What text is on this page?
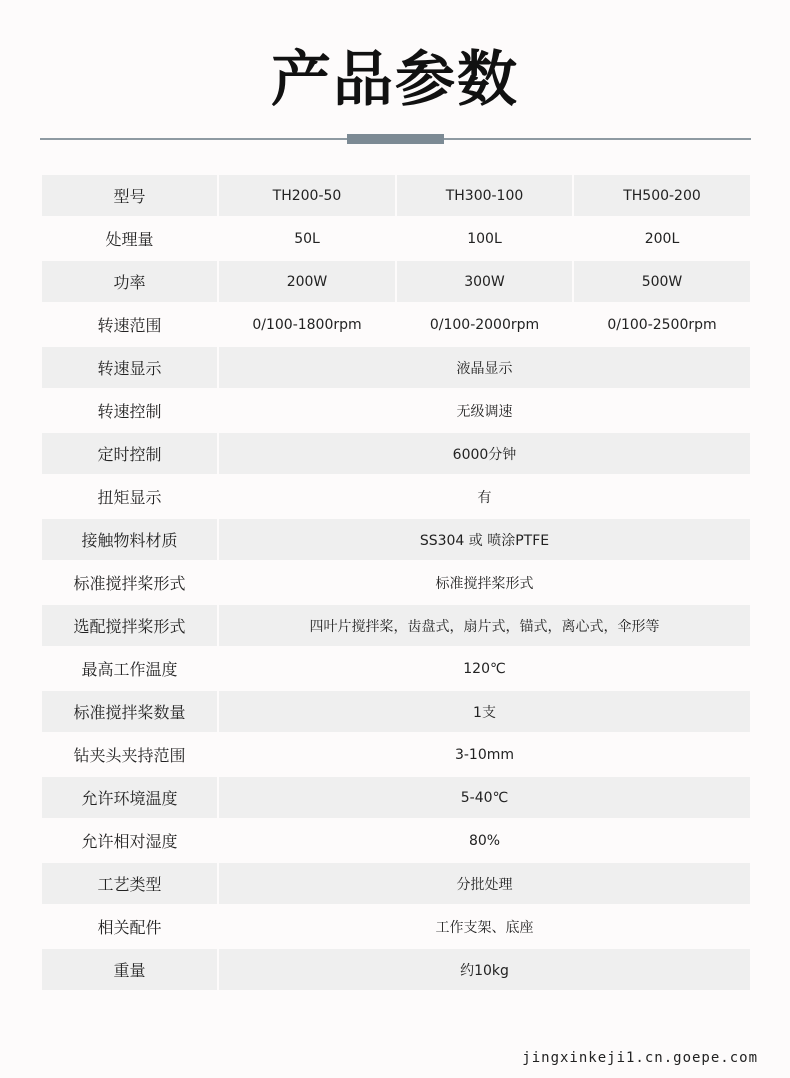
产品参数
型号	TH200-50	TH300-100	TH500-200
处理量	50L	100L	200L
功率	200W	300W	500W
转速范围	0/100-1800rpm	0/100-2000rpm	0/100-2500rpm
转速显示	液晶显示		
转速控制	无级调速		
定时控制	6000分钟		
扭矩显示	有		
接触物料材质	SS304 或 喷涂PTFE		
标准搅拌桨形式	标准搅拌桨形式		
选配搅拌桨形式	四叶片搅拌桨，齿盘式，扇片式，锚式，离心式，伞形等		
最高工作温度	120℃		
标准搅拌桨数量	1支		
钻夹头夹持范围	3-10mm		
允许环境温度	5-40℃		
允许相对湿度	80%		
工艺类型	分批处理		
相关配件	工作支架、底座		
重量	约10kg		
jingxinkeji1.cn.goepe.com
